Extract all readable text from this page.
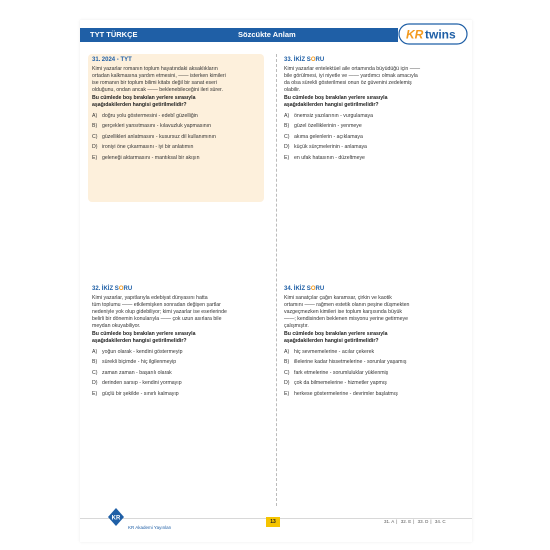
TYT TÜRKÇE	Sözcükte Anlam	KR twins
31. 2024 - TYT
Kimi yazarlar romanın toplum hayatındaki aksaklıkların
ortadan kalkmasına yardım etmesini, —— isterken kimileri
ise romanın bir toplum bilimi kitabı değil bir sanat eseri
olduğunu, ondan ancak —— beklenebileceğini ileri sürer.
Bu cümlede boş bırakılan yerlere sırasıyla
aşağıdakilerden hangisi getirilmelidir?
A) doğru yolu göstermesini - edebî güzelliğin
B) gerçekleri yansıtmasını - kılavuzluk yapmasının
C) güzellikleri anlatmasını - kusursuz dil kullanımının
D) ironiyi öne çıkarmasını - iyi bir anlatımın
E) geleneği aktarmasını - mantıksal bir akışın
33. İKİZ SORU
Kimi yazarlar entelektüel aile ortamında büyüdüğü için ——
bile görülmesi, iyi niyetle ve —— yardımcı olmak amacıyla
da olsa sürekli gösterilmesi onun öz güvenini zedelemiş
olabilir.
Bu cümlede boş bırakılan yerlere sırasıyla
aşağıdakilerden hangisi getirilmelidir?
A) önemsiz yazılarının - vurgulamaya
B) güzel özelliklerinin - yenmeye
C) akıma gelenlerin - açıklamaya
D) küçük sürçmelerinin - anlamaya
E) en ufak hatasının - düzeltmeye
32. İKİZ SORU
Kimi yazarlar, yapıtlarıyla edebiyat dünyasını hatta
tüm toplumu —— etkilemişken sonradan değişen şartlar
nedeniyle yok olup gidebiliyor; kimi yazarlar ise eserlerinde
belirli bir dönemin konularıyla —— çok uzun asırlara bile
meydan okuyabiliyor.
Bu cümlede boş bırakılan yerlere sırasıyla
aşağıdakilerden hangisi getirilmelidir?
A) yoğun olarak - kendini göstermeyip
B) sürekli biçimde - hiç ilgilenmeyip
C) zaman zaman - başarılı olarak
D) derinden sarsıp - kendini yormayıp
E) güçlü bir şekilde - sınırlı kalmayıp
34. İKİZ SORU
Kimi sanatçılar çağın karamsar, çirkin ve kaotik
ortamını —— rağmen estetik olanın peşine düşmekten
vazgeçmezken kimileri ise toplum karşısında büyük
——; kendisinden beklenen misyonu yerine getirmeye
çalışmıştır.
Bu cümlede boş bırakılan yerlere sırasıyla
aşağıdakilerden hangisi getirilmelidir?
A) hiç sevmemelerine - acılar çekerek
B) illelerine kadar hissetmelerine - sorunlar yaşamış
C) fark etmelerine - sorumluluklar yüklenmiş
D) çok da bilmemelerine - hizmetler yapmış
E) herkese göstermelerine - devrimler başlatmış
KR
KR Akademi Yayınları
13	31. A | 32. E | 33. D | 34. C
